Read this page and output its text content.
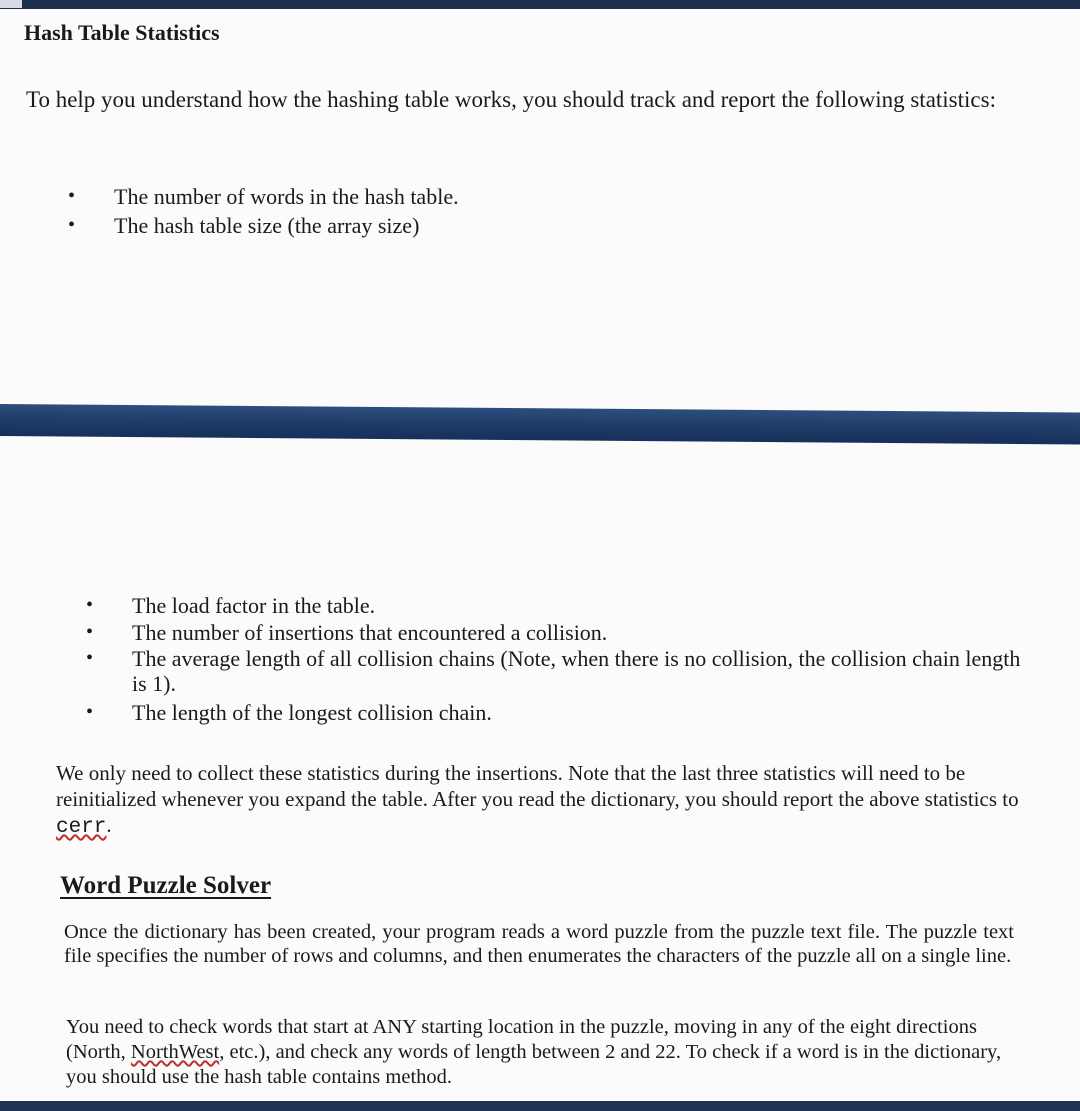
Hash Table Statistics

To help you understand how the hashing table works, you should track and report the following statistics:

• The number of words in the hash table.
• The hash table size (the array size)
• The load factor in the table.
• The number of insertions that encountered a collision.
• The average length of all collision chains (Note, when there is no collision, the collision chain length is 1).
• The length of the longest collision chain.

We only need to collect these statistics during the insertions. Note that the last three statistics will need to be reinitialized whenever you expand the table. After you read the dictionary, you should report the above statistics to cerr.

Word Puzzle Solver

Once the dictionary has been created, your program reads a word puzzle from the puzzle text file. The puzzle text file specifies the number of rows and columns, and then enumerates the characters of the puzzle all on a single line.

You need to check words that start at ANY starting location in the puzzle, moving in any of the eight directions (North, NorthWest, etc.), and check any words of length between 2 and 22. To check if a word is in the dictionary, you should use the hash table contains method.
